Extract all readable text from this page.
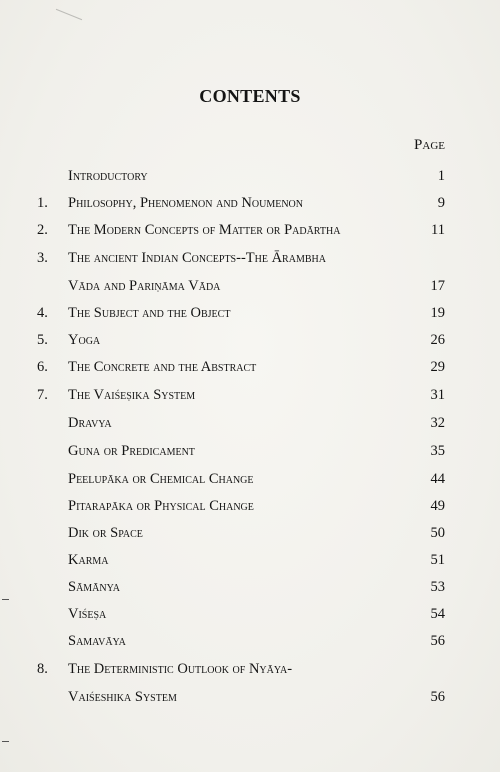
CONTENTS
Page
Introductory	1
1. Philosophy, Phenomenon and Noumenon	9
2. The Modern Concepts of Matter or Padārtha	11
3. The ancient Indian Concepts--The Ārambha
Vāda and Pariṇāma Vāda	17
4. The Subject and the Object	19
5. Yoga	26
6. The Concrete and the Abstract	29
7. The Vaiśeṣika System	31
Dravya	32
Guna or Predicament	35
Peelupāka or Chemical Change	44
Pitarapāka or Physical Change	49
Dik or Space	50
Karma	51
Sāmānya	53
Viśeṣa	54
Samavāya	56
8. The Deterministic Outlook of Nyāya-
Vaiśeshika System	56
